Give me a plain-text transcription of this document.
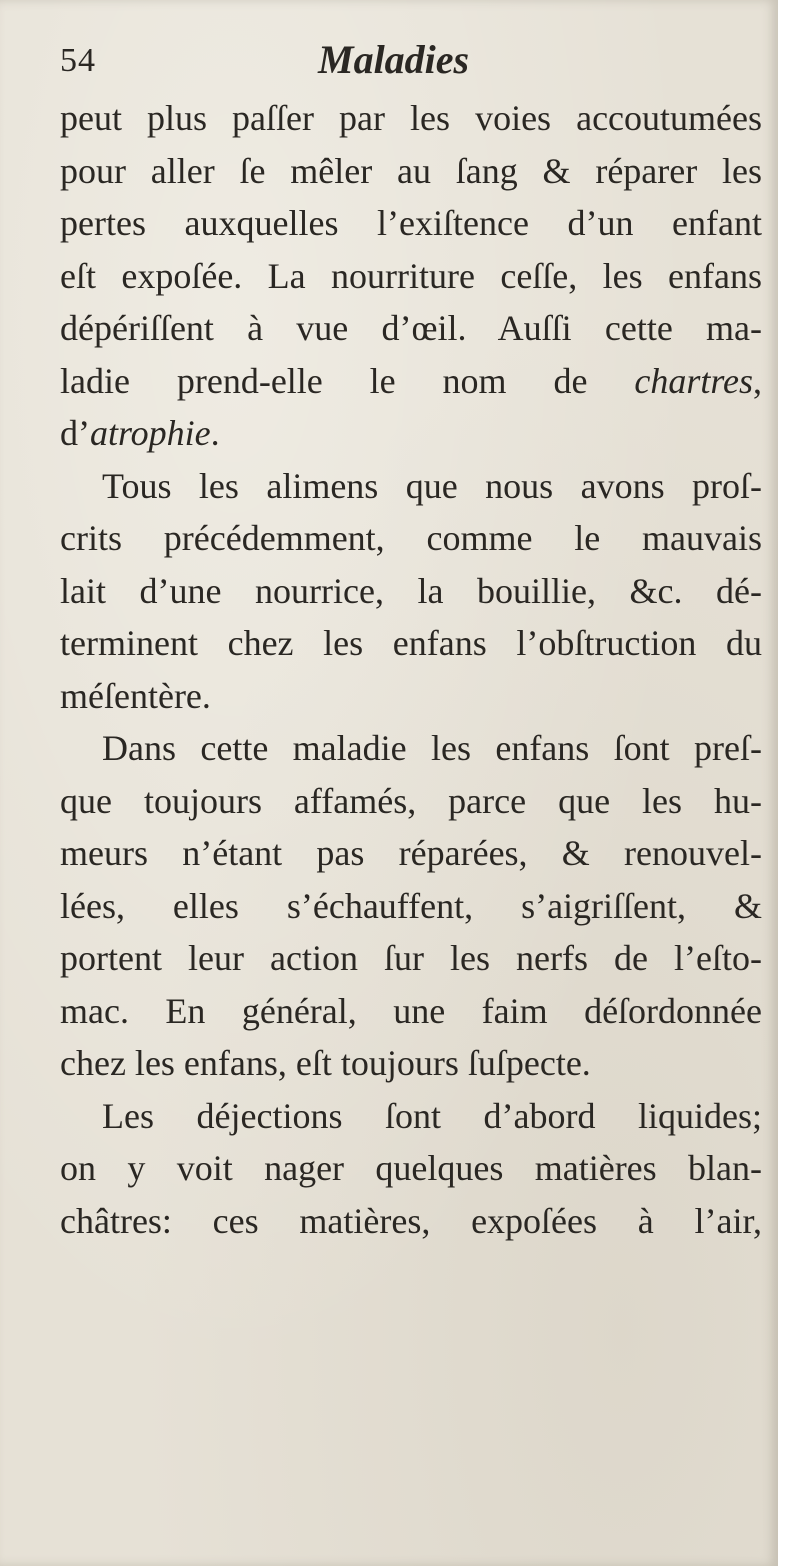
54	Maladies
peut plus paſſer par les voies accoutumées
pour aller ſe mêler au ſang & réparer les
pertes auxquelles l’exiſtence d’un enfant
eſt expoſée. La nourriture ceſſe, les enfans
dépériſſent à vue d’œil. Auſſi cette ma-
ladie prend-elle le nom de chartres,
d’atrophie.
Tous les alimens que nous avons proſ-
crits précédemment, comme le mauvais
lait d’une nourrice, la bouillie, &c. dé-
terminent chez les enfans l’obſtruction du
méſentère.
Dans cette maladie les enfans ſont preſ-
que toujours affamés, parce que les hu-
meurs n’étant pas réparées, & renouvel-
lées, elles s’échauffent, s’aigriſſent, &
portent leur action ſur les nerfs de l’eſto-
mac. En général, une faim déſordonnée
chez les enfans, eſt toujours ſuſpecte.
Les déjections ſont d’abord liquides;
on y voit nager quelques matières blan-
châtres: ces matières, expoſées à l’air,
